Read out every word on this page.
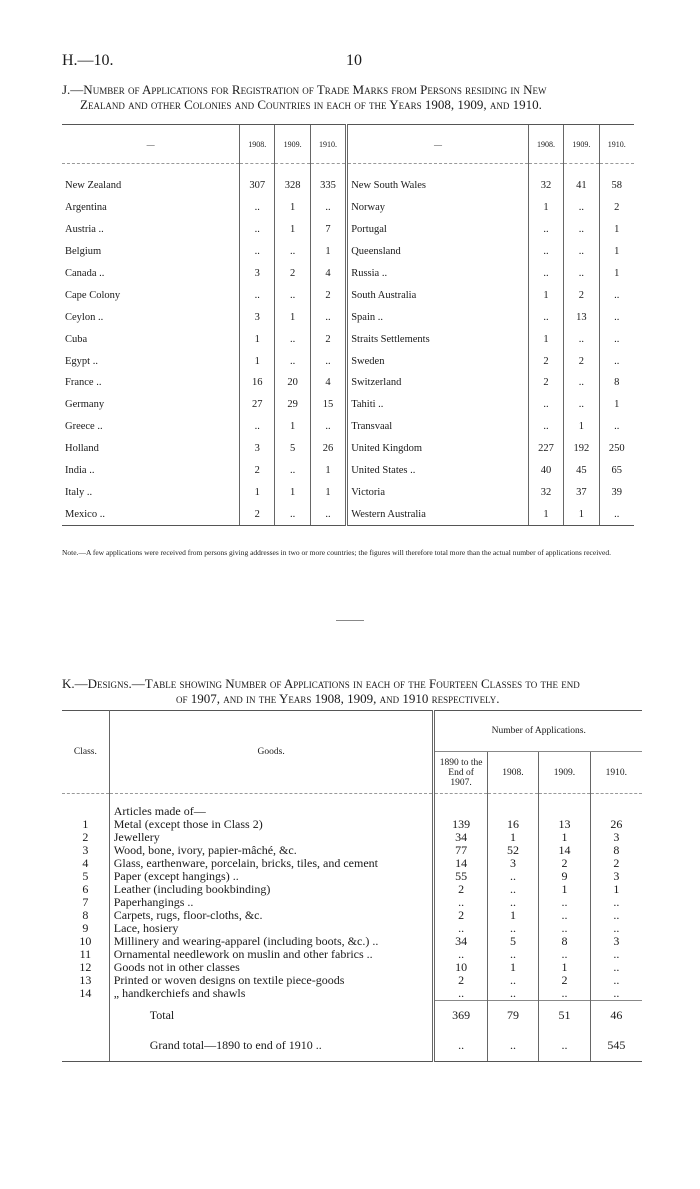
H.—10.	10
J.—Number of Applications for Registration of Trade Marks from Persons residing in New
Zealand and other Colonies and Countries in each of the Years 1908, 1909, and 1910.
—	1908.	1909.	1910.	—	1908.	1909.	1910.

New Zealand	307	328	335	New South Wales	32	41	58
Argentina	..	1	..	Norway	1	..	2
Austria ..	..	1	7	Portugal	..	..	1
Belgium	..	..	1	Queensland	..	..	1
Canada ..	3	2	4	Russia ..	..	..	1
Cape Colony	..	..	2	South Australia	1	2	..
Ceylon ..	3	1	..	Spain ..	..	13	..
Cuba	1	..	2	Straits Settlements	1	..	..
Egypt ..	1	..	..	Sweden	2	2	..
France ..	16	20	4	Switzerland	2	..	8
Germany	27	29	15	Tahiti ..	..	..	1
Greece ..	..	1	..	Transvaal	..	1	..
Holland	3	5	26	United Kingdom	227	192	250
India ..	2	..	1	United States ..	40	45	65
Italy ..	1	1	1	Victoria	32	37	39
Mexico ..	2	..	..	Western Australia	1	1	..
Note.—A few applications were received from persons giving addresses in two or more countries; the figures will therefore total more than the actual number of applications received.
K.—Designs.—Table showing Number of Applications in each of the Fourteen Classes to the end
of 1907, and in the Years 1908, 1909, and 1910 respectively.
Class.	Goods.	Number of Applications.			
		1890 to the End of 1907.	1908.	1909.	1910.
	Articles made of—				
1	Metal (except those in Class 2)	139	16	13	26
2	Jewellery	34	1	1	3
3	Wood, bone, ivory, papier-mâché, &c.	77	52	14	8
4	Glass, earthenware, porcelain, bricks, tiles, and cement	14	3	2	2
5	Paper (except hangings) ..	55	..	9	3
6	Leather (including bookbinding)	2	..	1	1
7	Paperhangings ..	..	..	..	..
8	Carpets, rugs, floor-cloths, &c.	2	1	..	..
9	Lace, hosiery	..	..	..	..
10	Millinery and wearing-apparel (including boots, &c.) ..	34	5	8	3
11	Ornamental needlework on muslin and other fabrics ..	..	..	..	..
12	Goods not in other classes	10	1	1	..
13	Printed or woven designs on textile piece-goods	2	..	2	..
14	„ handkerchiefs and shawls	..	..	..	..
	Total	369	79	51	46
	Grand total—1890 to end of 1910 ..	..	..	..	545
